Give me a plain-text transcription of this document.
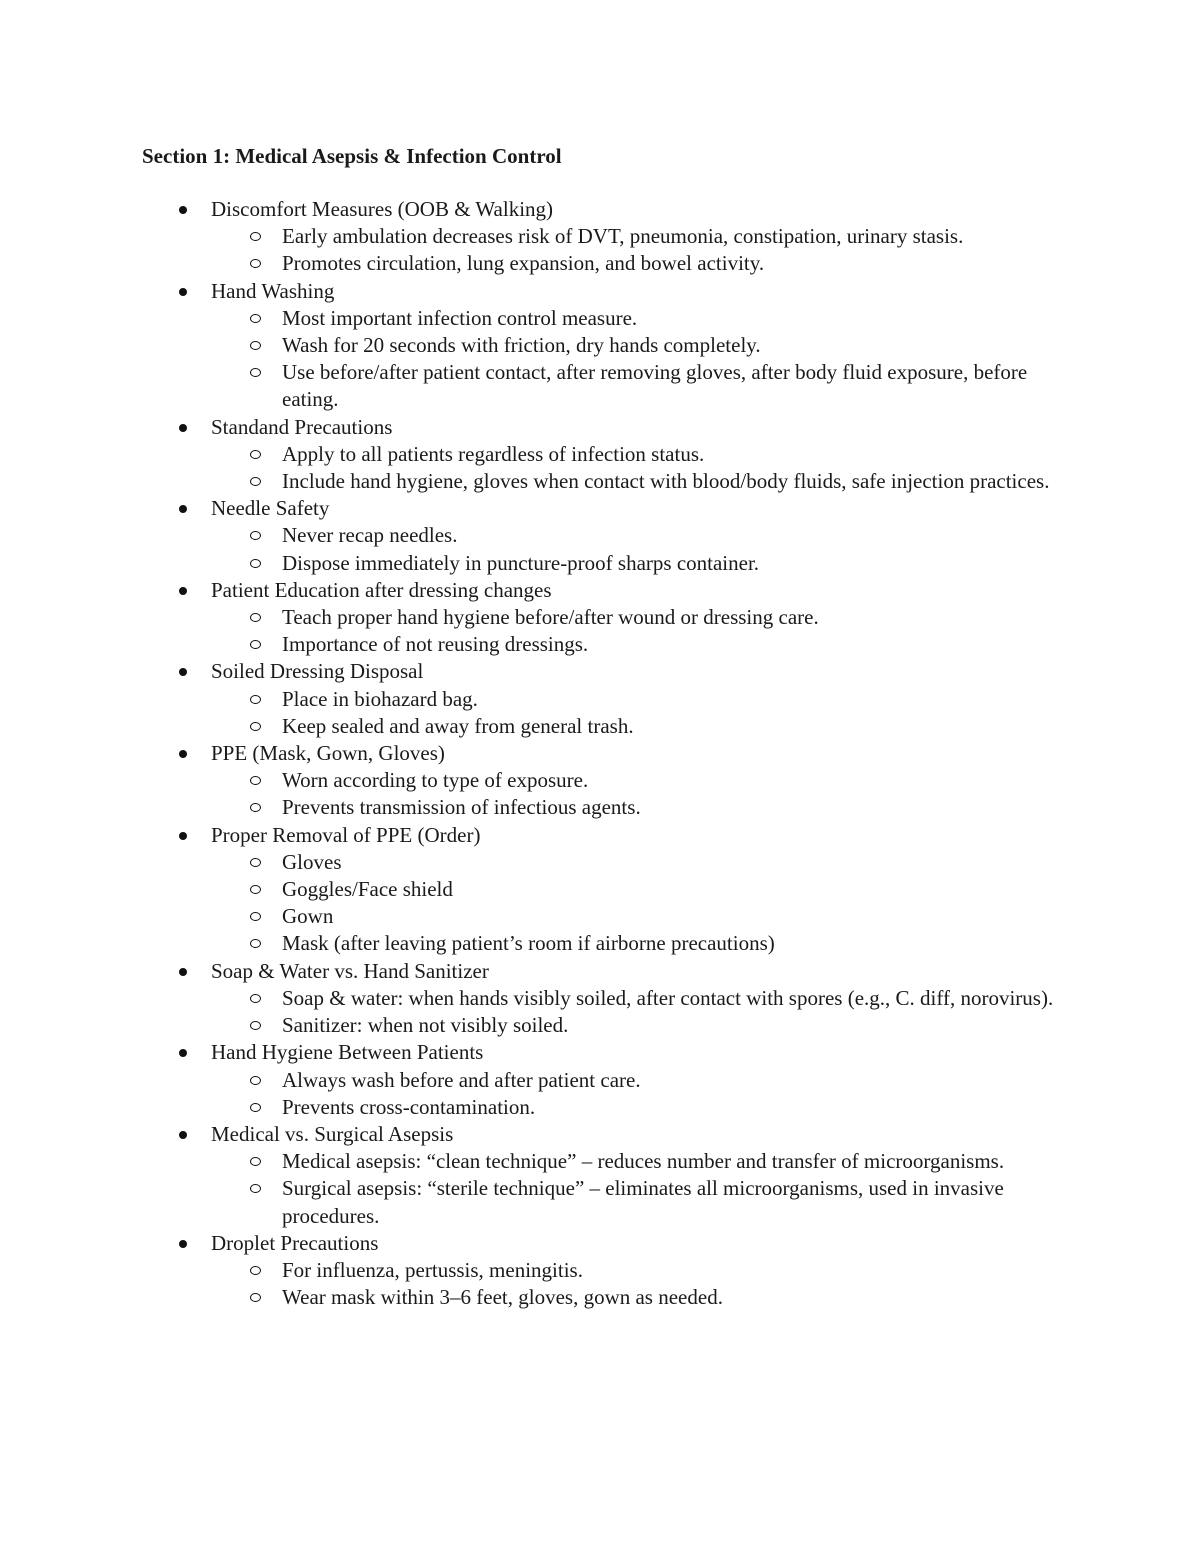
Section 1: Medical Asepsis & Infection Control
Discomfort Measures (OOB & Walking)
Early ambulation decreases risk of DVT, pneumonia, constipation, urinary stasis.
Promotes circulation, lung expansion, and bowel activity.
Hand Washing
Most important infection control measure.
Wash for 20 seconds with friction, dry hands completely.
Use before/after patient contact, after removing gloves, after body fluid exposure, before eating.
Standand Precautions
Apply to all patients regardless of infection status.
Include hand hygiene, gloves when contact with blood/body fluids, safe injection practices.
Needle Safety
Never recap needles.
Dispose immediately in puncture-proof sharps container.
Patient Education after dressing changes
Teach proper hand hygiene before/after wound or dressing care.
Importance of not reusing dressings.
Soiled Dressing Disposal
Place in biohazard bag.
Keep sealed and away from general trash.
PPE (Mask, Gown, Gloves)
Worn according to type of exposure.
Prevents transmission of infectious agents.
Proper Removal of PPE (Order)
Gloves
Goggles/Face shield
Gown
Mask (after leaving patient’s room if airborne precautions)
Soap & Water vs. Hand Sanitizer
Soap & water: when hands visibly soiled, after contact with spores (e.g., C. diff, norovirus).
Sanitizer: when not visibly soiled.
Hand Hygiene Between Patients
Always wash before and after patient care.
Prevents cross-contamination.
Medical vs. Surgical Asepsis
Medical asepsis: “clean technique” – reduces number and transfer of microorganisms.
Surgical asepsis: “sterile technique” – eliminates all microorganisms, used in invasive procedures.
Droplet Precautions
For influenza, pertussis, meningitis.
Wear mask within 3–6 feet, gloves, gown as needed.
